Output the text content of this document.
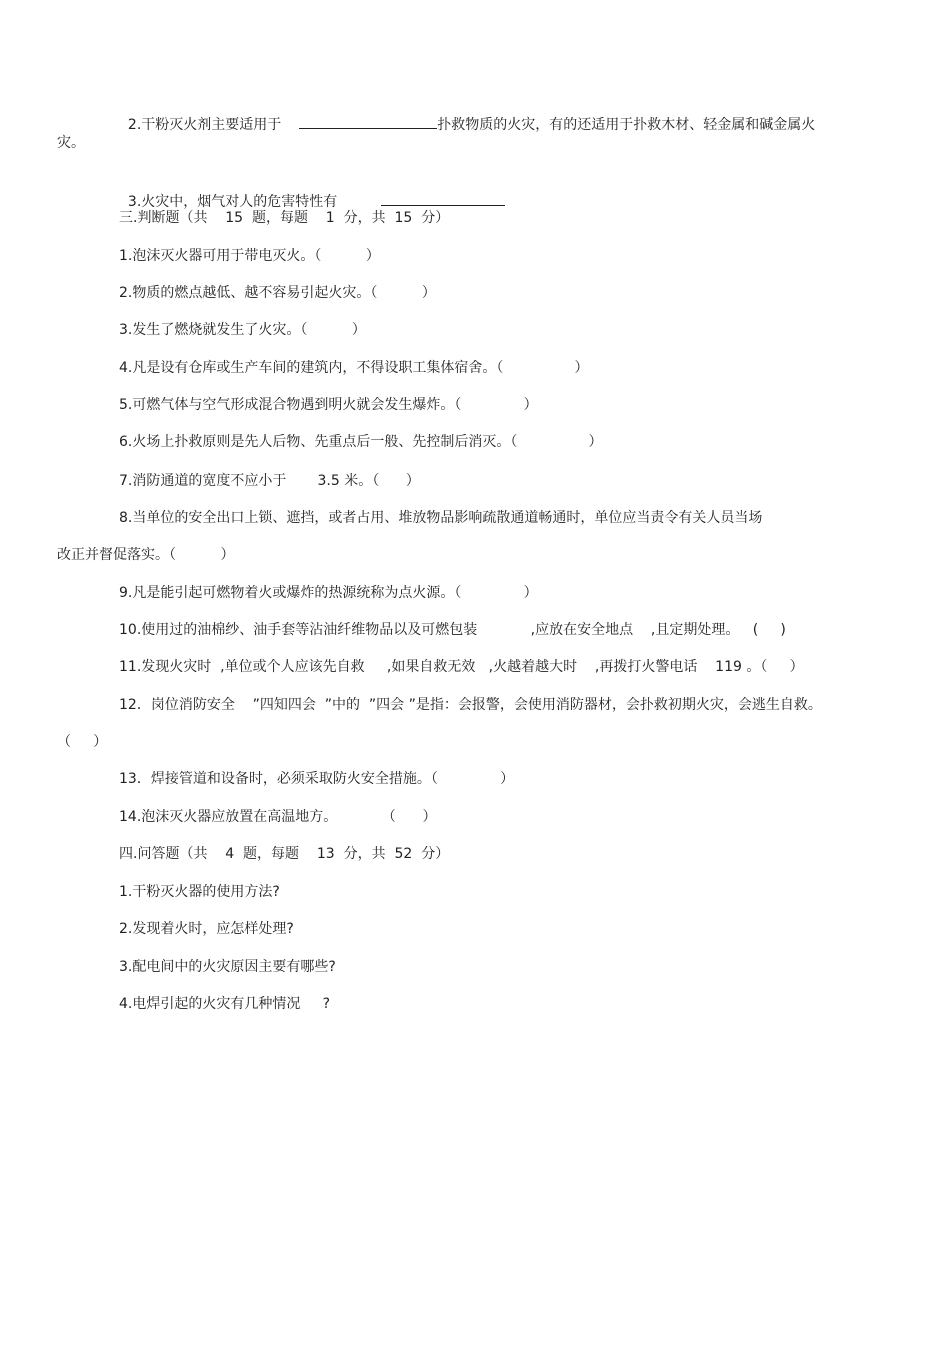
2.干粉灭火剂主要适用于	扑救物质的火灾，有的还适用于扑救木材、轻金属和碱金属火

灾。

3.火灾中，烟气对人的危害特性有

三.判断题（共    15  题，每题    1  分，共  15  分）
1.泡沫灭火器可用于带电灭火。（          ）
2.物质的燃点越低、越不容易引起火灾。（          ）
3.发生了燃烧就发生了火灾。（          ）
4.凡是设有仓库或生产车间的建筑内，不得设职工集体宿舍。（                ）
5.可燃气体与空气形成混合物遇到明火就会发生爆炸。（              ）
6.火场上扑救原则是先人后物、先重点后一般、先控制后消灭。（                ）
7.消防通道的宽度不应小于       3.5 米。（      ）
8.当单位的安全出口上锁、遮挡，或者占用、堆放物品影响疏散通道畅通时，单位应当责令有关人员当场
改正并督促落实。（          ）
9.凡是能引起可燃物着火或爆炸的热源统称为点火源。（              ）
10.使用过的油棉纱、油手套等沾油纤维物品以及可燃包装            ,应放在安全地点    ,且定期处理。   (     )
11.发现火灾时  ,单位或个人应该先自救     ,如果自救无效   ,火越着越大时    ,再拨打火警电话    119 。（     ）
12．岗位消防安全    ”四知四会  ”中的  ”四会 ”是指：会报警，会使用消防器材，会扑救初期火灾，会逃生自救。
（     ）
13．焊接管道和设备时，必须采取防火安全措施。（              ）
14.泡沫灭火器应放置在高温地方。          （      ）
四.问答题（共    4  题，每题    13  分，共  52  分）
1.干粉灭火器的使用方法?
2.发现着火时，应怎样处理?
3.配电间中的火灾原因主要有哪些?
4.电焊引起的火灾有几种情况     ?
